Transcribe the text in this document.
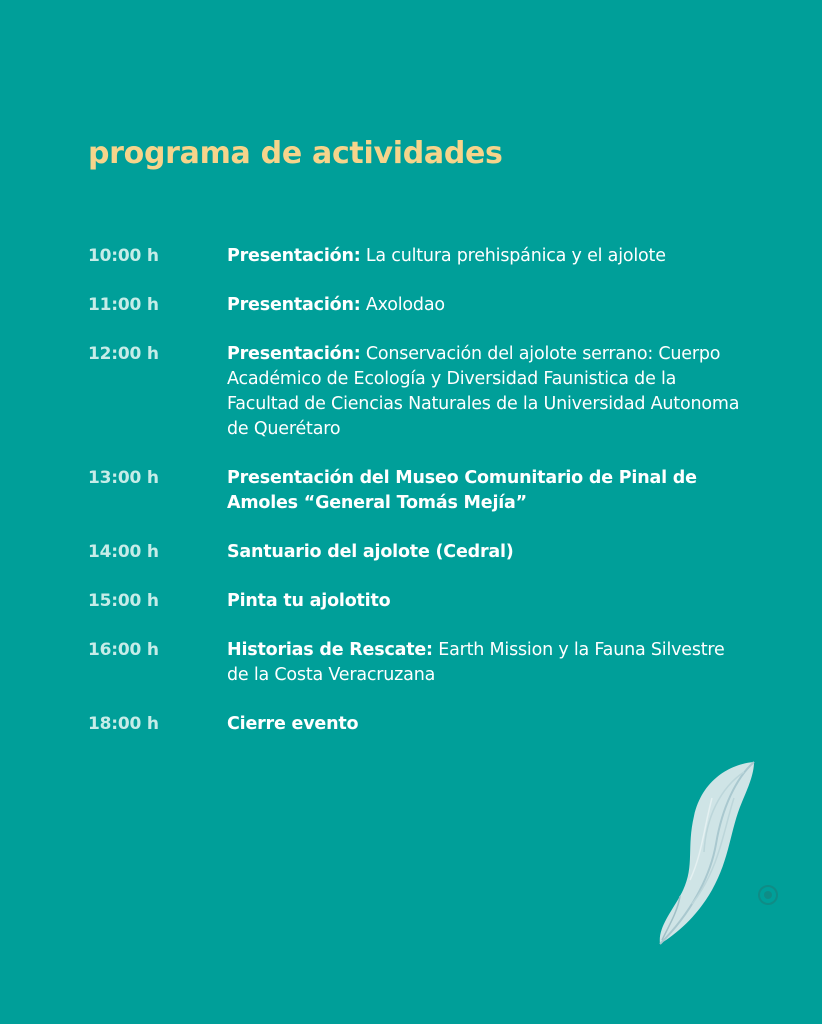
programa de actividades
10:00 h	Presentación: La cultura prehispánica y el ajolote
11:00 h	Presentación: Axolodao
12:00 h	Presentación: Conservación del ajolote serrano: Cuerpo Académico de Ecología y Diversidad Faunistica de la Facultad de Ciencias Naturales de la Universidad Autonoma de Querétaro
13:00 h	Presentación del Museo Comunitario de Pinal de Amoles “General Tomás Mejía”
14:00 h	Santuario del ajolote (Cedral)
15:00 h	Pinta tu ajolotito
16:00 h	Historias de Rescate: Earth Mission y la Fauna Silvestre de la Costa Veracruzana
18:00 h	Cierre evento
